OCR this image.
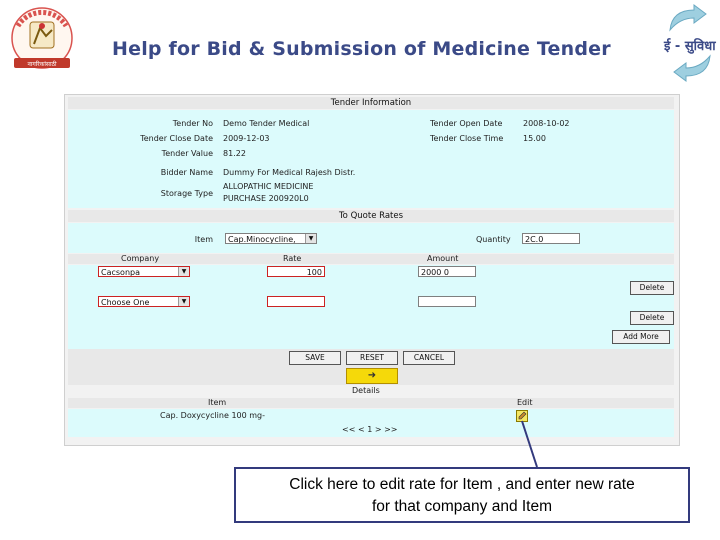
नागरिकांसाठी
Help for Bid & Submission of Medicine Tender	ई - सुविधा
Tender Information
Tender No Demo Tender Medical	Tender Open Date	2008-10-02
Tender Close Date 2009-12-03	Tender Close Time 15.00
Tender Value 81.22
Bidder Name Dummy For Medical Rajesh Distr.
Storage Type
ALLOPATHIC MEDICINE
PURCHASE 200920L0
To Quote Rates
Item	Cap.Minocycline,	▼	Quantity	2C.0
Company	Rate	Amount
Cacsonpa	▼	100	2000 0
Delete
Choose One	▼
Delete
Add More
SAVE	RESET	CANCEL
➜
Details
Item	Edit
Cap. Doxycycline 100 mg-
<< < 1 > >>
Click here to edit rate for Item , and enter new rate
for that company and Item
